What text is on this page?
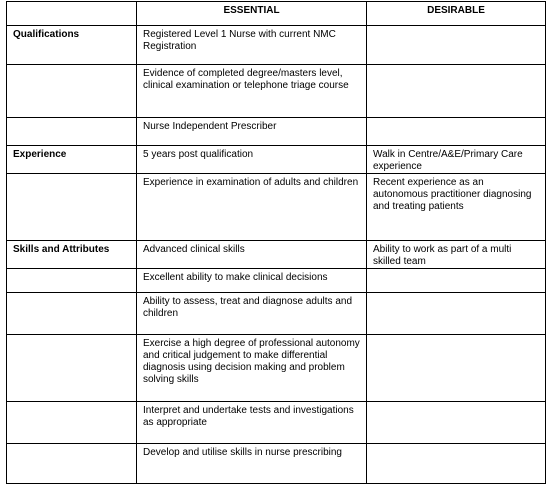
	ESSENTIAL	DESIRABLE
Qualifications	Registered Level 1 Nurse with current NMC Registration	
	Evidence of completed degree/masters level, clinical examination or telephone triage course	
	Nurse Independent Prescriber	
Experience	5 years post qualification	Walk in Centre/A&E/Primary Care experience
	Experience in examination of adults and children	Recent experience as an autonomous practitioner diagnosing and treating patients
Skills and Attributes	Advanced clinical skills	Ability to work as part of a multi skilled team
	Excellent ability to make clinical decisions	
	Ability to assess, treat and diagnose adults and children	
	Exercise a high degree of professional autonomy and critical judgement to make differential diagnosis using decision making and problem solving skills	
	Interpret and undertake tests and investigations as appropriate	
	Develop and utilise skills in nurse prescribing	
